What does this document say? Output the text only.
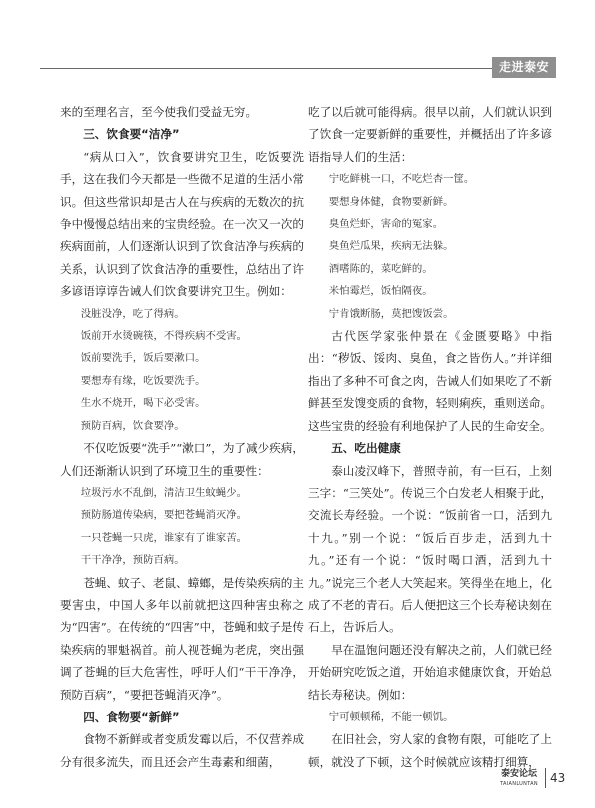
走进泰安
来的至理名言，至今使我们受益无穷。
三、饮食要“洁净”
“病从口入”，饮食要讲究卫生，吃饭要洗手，这在我们今天都是一些微不足道的生活小常识。但这些常识却是古人在与疾病的无数次的抗争中慢慢总结出来的宝贵经验。在一次又一次的疾病面前，人们逐渐认识到了饮食洁净与疾病的关系，认识到了饮食洁净的重要性，总结出了许多谚语谆谆告诫人们饮食要讲究卫生。例如：
没脏没净，吃了得病。
饭前开水烫碗筷，不得疾病不受害。
饭前要洗手，饭后要漱口。
要想寿有缘，吃饭要洗手。
生水不烧开，喝下必受害。
预防百病，饮食要净。
不仅吃饭要“洗手”“漱口”，为了减少疾病，人们还渐渐认识到了环境卫生的重要性：
垃圾污水不乱倒，清洁卫生蚊蝇少。
预防肠道传染病，要把苍蝇消灭净。
一只苍蝇一只虎，谁家有了谁家苦。
干干净净，预防百病。
苍蝇、蚊子、老鼠、蟑螂，是传染疾病的主要害虫，中国人多年以前就把这四种害虫称之为“四害”。在传统的“四害”中，苍蝇和蚊子是传染疾病的罪魁祸首。前人视苍蝇为老虎，突出强调了苍蝇的巨大危害性，呼吁人们“干干净净，预防百病”，“要把苍蝇消灭净”。
四、食物要“新鲜”
食物不新鲜或者变质发霉以后，不仅营养成分有很多流失，而且还会产生毒素和细菌，
吃了以后就可能得病。很早以前，人们就认识到了饮食一定要新鲜的重要性，并概括出了许多谚语指导人们的生活：
宁吃鲜桃一口，不吃烂杏一筐。
要想身体健，食物要新鲜。
臭鱼烂虾，害命的冤家。
臭鱼烂瓜果，疾病无法躲。
酒嗜陈的，菜吃鲜的。
米怕霉烂，饭怕隔夜。
宁肯饿断肠，莫把馊饭尝。
古代医学家张仲景在《金匮要略》中指出：“秽饭、馁肉、臭鱼，食之皆伤人。”并详细指出了多种不可食之肉，告诫人们如果吃了不新鲜甚至发馊变质的食物，轻则痢疾，重则送命。这些宝贵的经验有利地保护了人民的生命安全。
五、吃出健康
泰山凌汉峰下，普照寺前，有一巨石，上刻三字：“三笑处”。传说三个白发老人相聚于此，交流长寿经验。一个说：“饭前省一口，活到九十九。”别一个说：“饭后百步走，活到九十九。”还有一个说：“饭时喝口酒，活到九十九。”说完三个老人大笑起来。笑得坐在地上，化成了不老的青石。后人便把这三个长寿秘诀刻在石上，告诉后人。
早在温饱问题还没有解决之前，人们就已经开始研究吃饭之道，开始追求健康饮食，开始总结长寿秘诀。例如：
宁可顿顿稀，不能一顿饥。
在旧社会，穷人家的食物有限，可能吃了上顿，就没了下顿，这个时候就应该精打细算，
泰安论坛
TAIANLUNTAN 43
